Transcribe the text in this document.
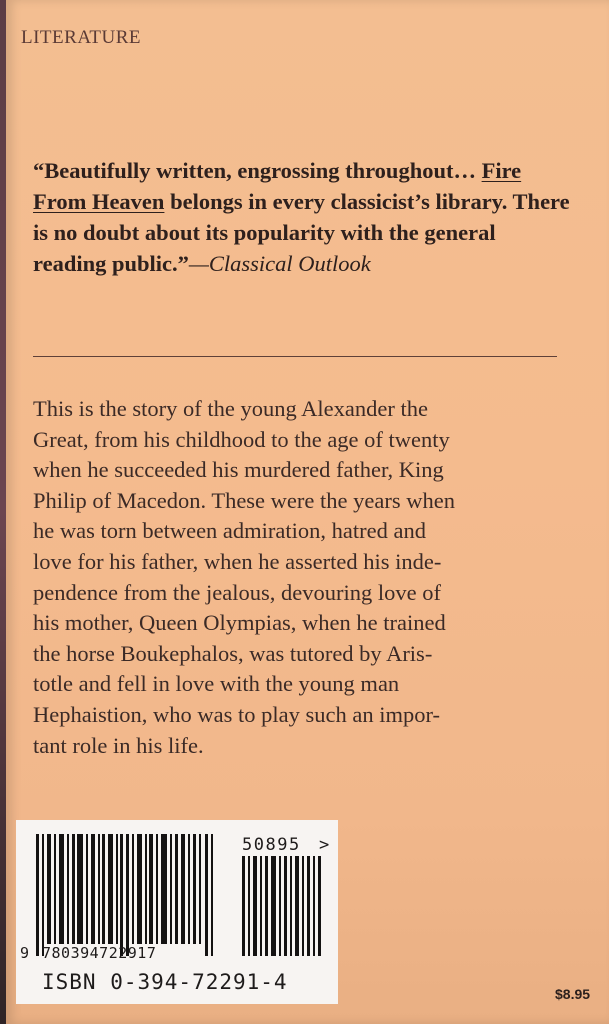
LITERATURE
“Beautifully written, engrossing throughout… Fire From Heaven belongs in every classicist’s library. There is no doubt about its popularity with the general reading public.”—Classical Outlook
This is the story of the young Alexander the
Great, from his childhood to the age of twenty
when he succeeded his murdered father, King
Philip of Macedon. These were the years when
he was torn between admiration, hatred and
love for his father, when he asserted his inde-
pendence from the jealous, devouring love of
his mother, Queen Olympias, when he trained
the horse Boukephalos, was tutored by Aris-
totle and fell in love with the young man
Hephaistion, who was to play such an impor-
tant role in his life.
9 780394722917
50895 >
ISBN 0-394-72291-4	$8.95
